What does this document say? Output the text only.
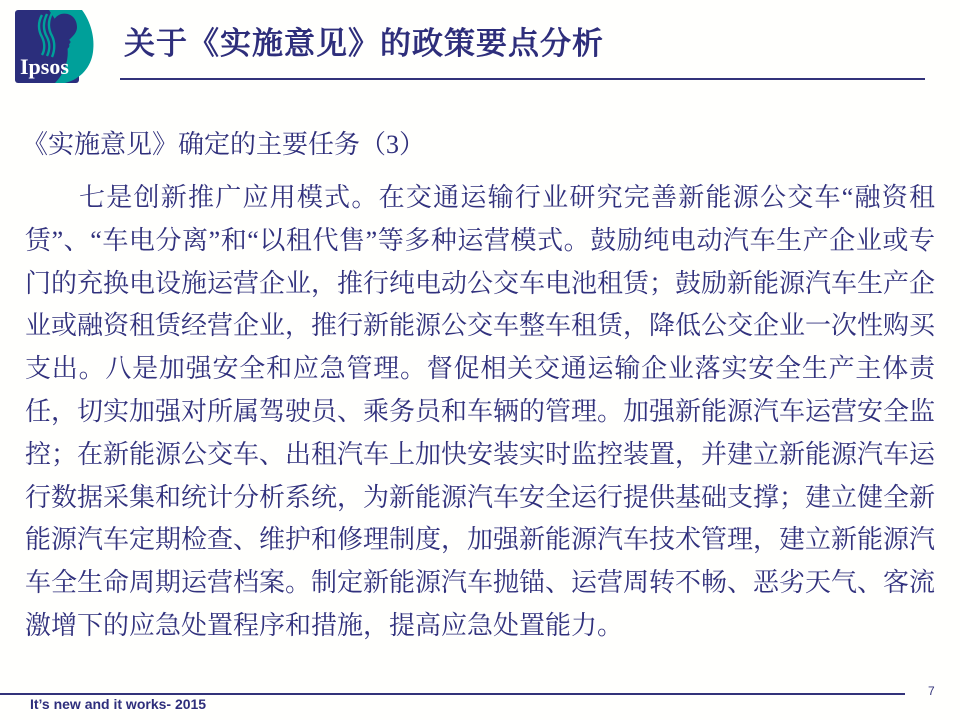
Ipsos
关于《实施意见》的政策要点分析
《实施意见》确定的主要任务（3）

七是创新推广应用模式。在交通运输行业研究完善新能源公交车“融资租赁”、“车电分离”和“以租代售”等多种运营模式。鼓励纯电动汽车生产企业或专门的充换电设施运营企业，推行纯电动公交车电池租赁；鼓励新能源汽车生产企业或融资租赁经营企业，推行新能源公交车整车租赁，降低公交企业一次性购买支出。八是加强安全和应急管理。督促相关交通运输企业落实安全生产主体责任，切实加强对所属驾驶员、乘务员和车辆的管理。加强新能源汽车运营安全监控；在新能源公交车、出租汽车上加快安装实时监控装置，并建立新能源汽车运行数据采集和统计分析系统，为新能源汽车安全运行提供基础支撑；建立健全新能源汽车定期检查、维护和修理制度，加强新能源汽车技术管理，建立新能源汽车全生命周期运营档案。制定新能源汽车抛锚、运营周转不畅、恶劣天气、客流激增下的应急处置程序和措施，提高应急处置能力。

It’s new and it works- 2015
7
